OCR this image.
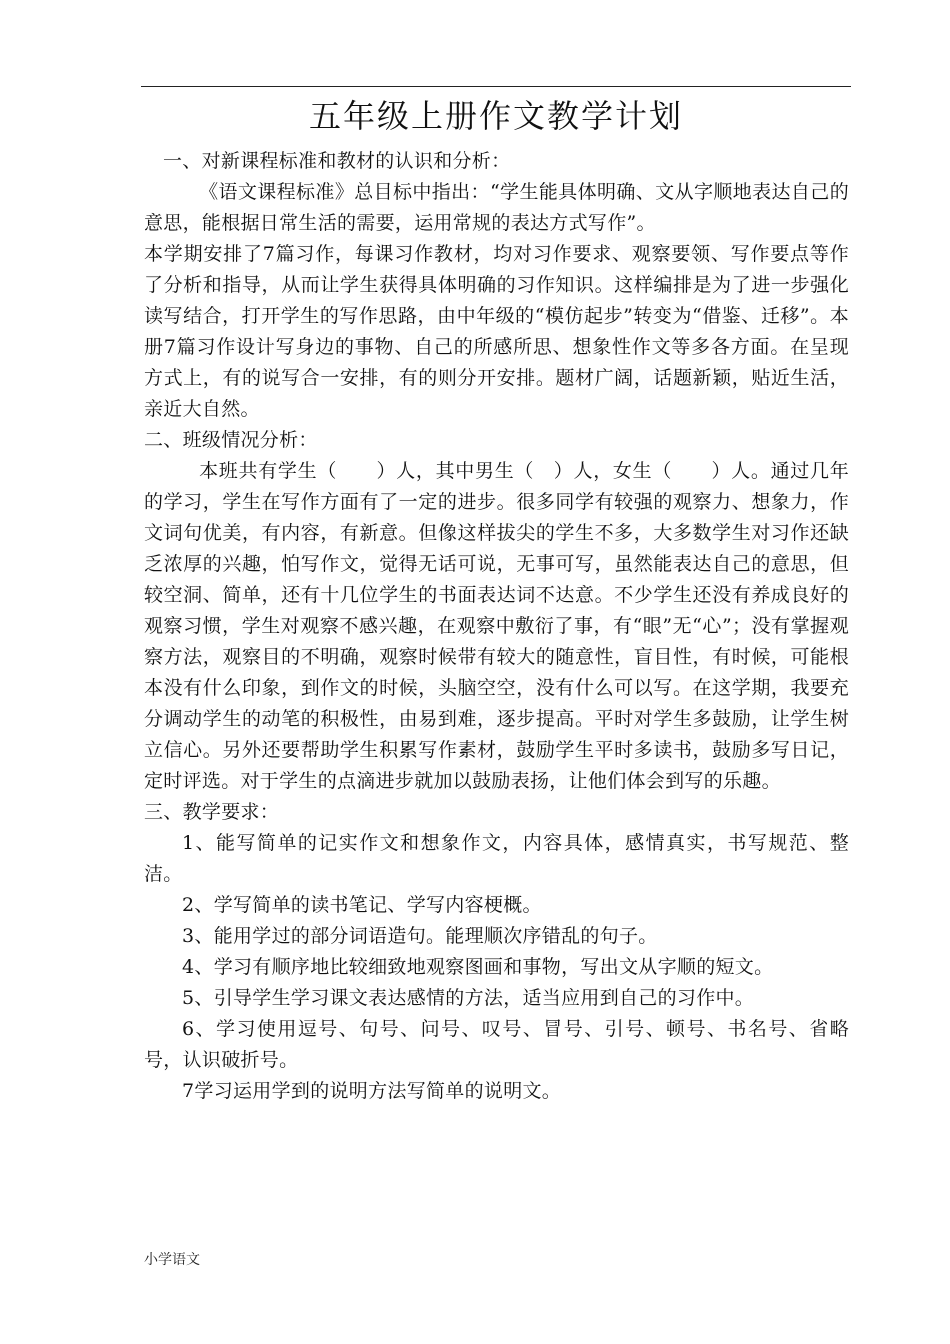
五年级上册作文教学计划

一、对新课程标准和教材的认识和分析：

《语文课程标准》总目标中指出：“学生能具体明确、文从字顺地表达自己的意思，能根据日常生活的需要，运用常规的表达方式写作”。

本学期安排了7篇习作，每课习作教材，均对习作要求、观察要领、写作要点等作了分析和指导，从而让学生获得具体明确的习作知识。这样编排是为了进一步强化读写结合，打开学生的写作思路，由中年级的“模仿起步”转变为“借鉴、迁移”。本册7篇习作设计写身边的事物、自己的所感所思、想象性作文等多各方面。在呈现方式上，有的说写合一安排，有的则分开安排。题材广阔，话题新颖，贴近生活，亲近大自然。

二、班级情况分析：

本班共有学生（　　）人，其中男生（　）人，女生（　　）人。通过几年的学习，学生在写作方面有了一定的进步。很多同学有较强的观察力、想象力，作文词句优美，有内容，有新意。但像这样拔尖的学生不多，大多数学生对习作还缺乏浓厚的兴趣，怕写作文，觉得无话可说，无事可写，虽然能表达自己的意思，但较空洞、简单，还有十几位学生的书面表达词不达意。不少学生还没有养成良好的观察习惯，学生对观察不感兴趣，在观察中敷衍了事，有“眼”无“心”；没有掌握观察方法，观察目的不明确，观察时候带有较大的随意性，盲目性，有时候，可能根本没有什么印象，到作文的时候，头脑空空，没有什么可以写。在这学期，我要充分调动学生的动笔的积极性，由易到难，逐步提高。平时对学生多鼓励，让学生树立信心。另外还要帮助学生积累写作素材，鼓励学生平时多读书，鼓励多写日记，定时评选。对于学生的点滴进步就加以鼓励表扬，让他们体会到写的乐趣。

三、教学要求：

1、能写简单的记实作文和想象作文，内容具体，感情真实，书写规范、整洁。

2、学写简单的读书笔记、学写内容梗概。

3、能用学过的部分词语造句。能理顺次序错乱的句子。

4、学习有顺序地比较细致地观察图画和事物，写出文从字顺的短文。

5、引导学生学习课文表达感情的方法，适当应用到自己的习作中。

6、学习使用逗号、句号、问号、叹号、冒号、引号、顿号、书名号、省略号，认识破折号。

7学习运用学到的说明方法写简单的说明文。

小学语文
